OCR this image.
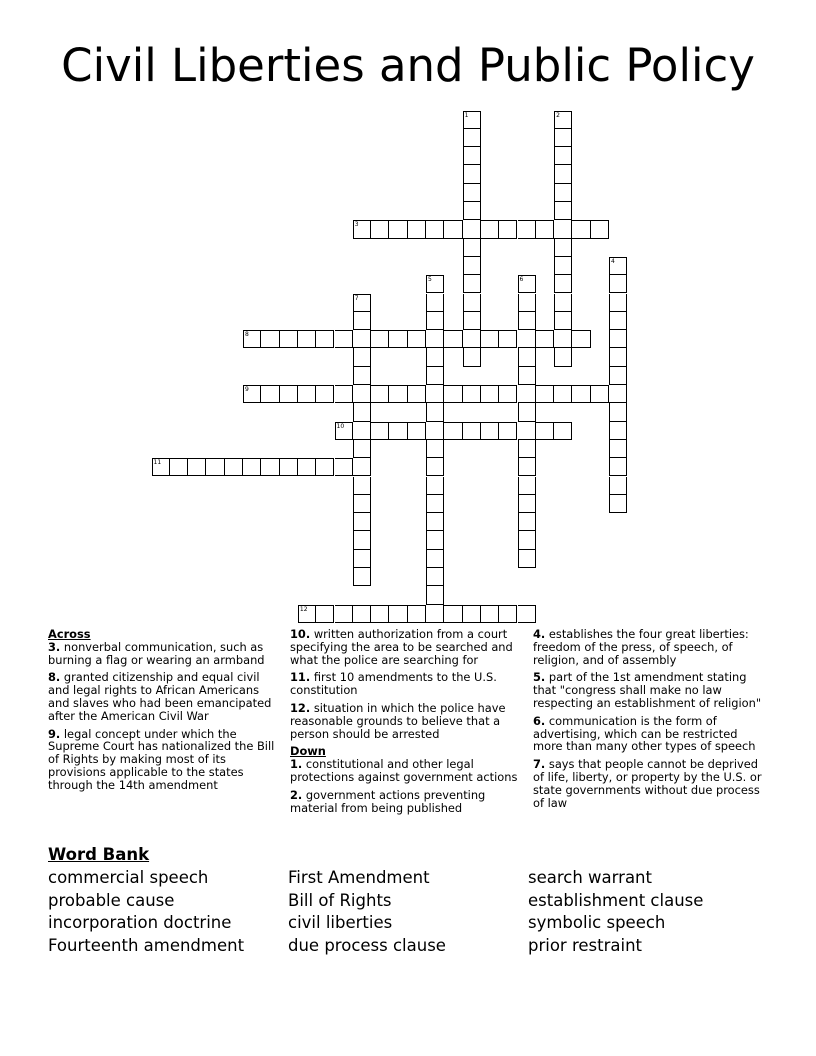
Civil Liberties and Public Policy
1	2
3
4
5	6
7
8
9
10
11
12
Across
3. nonverbal communication, such as burning a flag or wearing an armband
8. granted citizenship and equal civil and legal rights to African Americans and slaves who had been emancipated after the American Civil War
9. legal concept under which the Supreme Court has nationalized the Bill of Rights by making most of its provisions applicable to the states through the 14th amendment
10. written authorization from a court specifying the area to be searched and what the police are searching for
11. first 10 amendments to the U.S. constitution
12. situation in which the police have reasonable grounds to believe that a person should be arrested
Down
1. constitutional and other legal protections against government actions
2. government actions preventing material from being published
4. establishes the four great liberties: freedom of the press, of speech, of religion, and of assembly
5. part of the 1st amendment stating that "congress shall make no law respecting an establishment of religion"
6. communication is the form of advertising, which can be restricted more than many other types of speech
7. says that people cannot be deprived of life, liberty, or property by the U.S. or state governments without due process of law
Word Bank
commercial speech
probable cause
incorporation doctrine
Fourteenth amendment
First Amendment
Bill of Rights
civil liberties
due process clause
search warrant
establishment clause
symbolic speech
prior restraint
